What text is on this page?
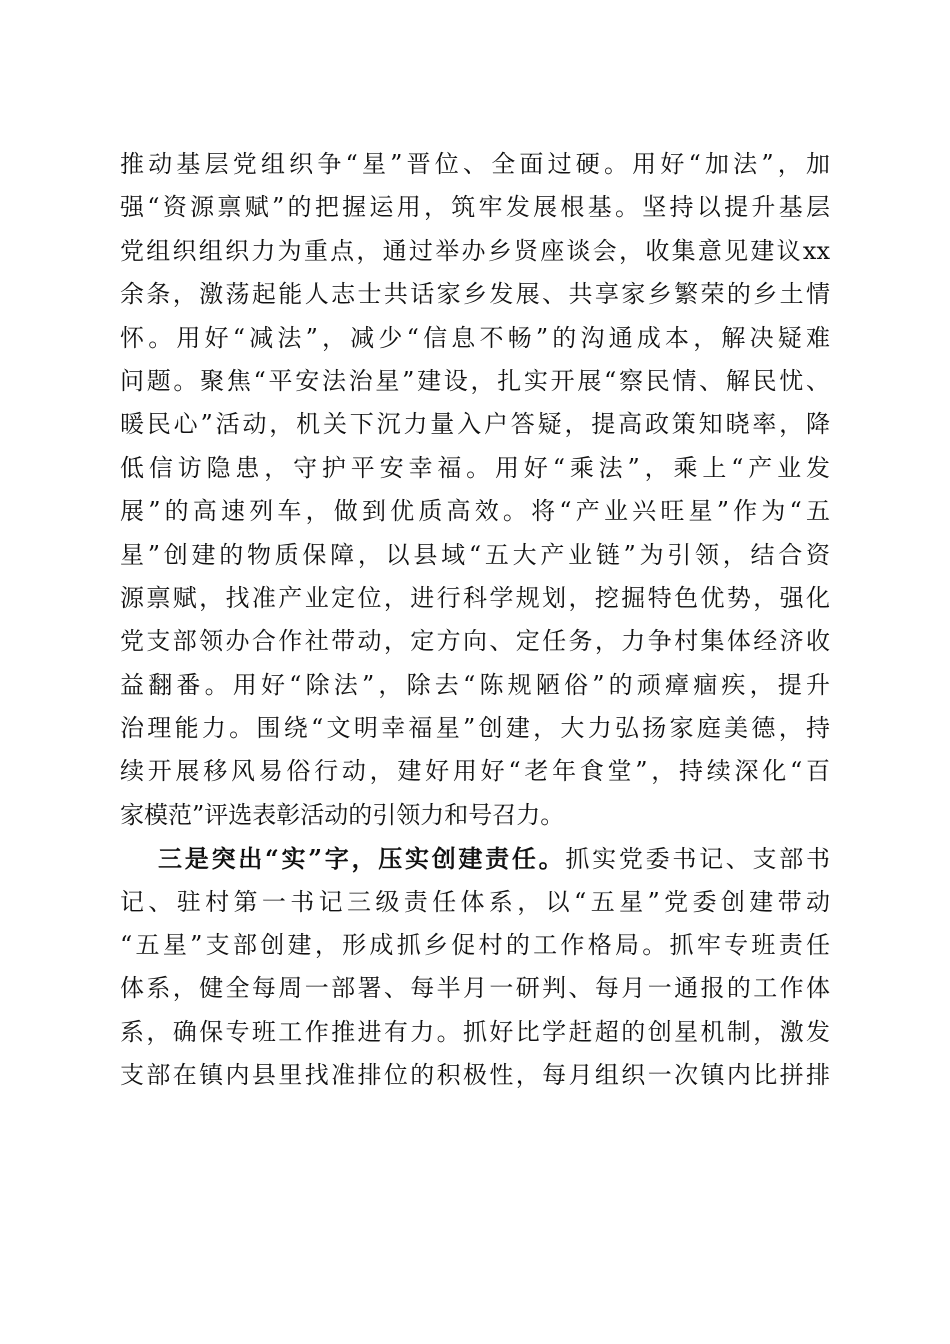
推动基层党组织争“星”晋位、全面过硬。用好“加法”，加
强“资源禀赋”的把握运用，筑牢发展根基。坚持以提升基层
党组织组织力为重点，通过举办乡贤座谈会，收集意见建议xx
余条，激荡起能人志士共话家乡发展、共享家乡繁荣的乡土情
怀。用好“减法”，减少“信息不畅”的沟通成本，解决疑难
问题。聚焦“平安法治星”建设，扎实开展“察民情、解民忧、
暖民心”活动，机关下沉力量入户答疑，提高政策知晓率，降
低信访隐患，守护平安幸福。用好“乘法”，乘上“产业发
展”的高速列车，做到优质高效。将“产业兴旺星”作为“五
星”创建的物质保障，以县域“五大产业链”为引领，结合资
源禀赋，找准产业定位，进行科学规划，挖掘特色优势，强化
党支部领办合作社带动，定方向、定任务，力争村集体经济收
益翻番。用好“除法”，除去“陈规陋俗”的顽瘴痼疾，提升
治理能力。围绕“文明幸福星”创建，大力弘扬家庭美德，持
续开展移风易俗行动，建好用好“老年食堂”，持续深化“百
家模范”评选表彰活动的引领力和号召力。
三是突出“实”字，压实创建责任。抓实党委书记、支部书
记、驻村第一书记三级责任体系，以“五星”党委创建带动
“五星”支部创建，形成抓乡促村的工作格局。抓牢专班责任
体系，健全每周一部署、每半月一研判、每月一通报的工作体
系，确保专班工作推进有力。抓好比学赶超的创星机制，激发
支部在镇内县里找准排位的积极性，每月组织一次镇内比拼排
